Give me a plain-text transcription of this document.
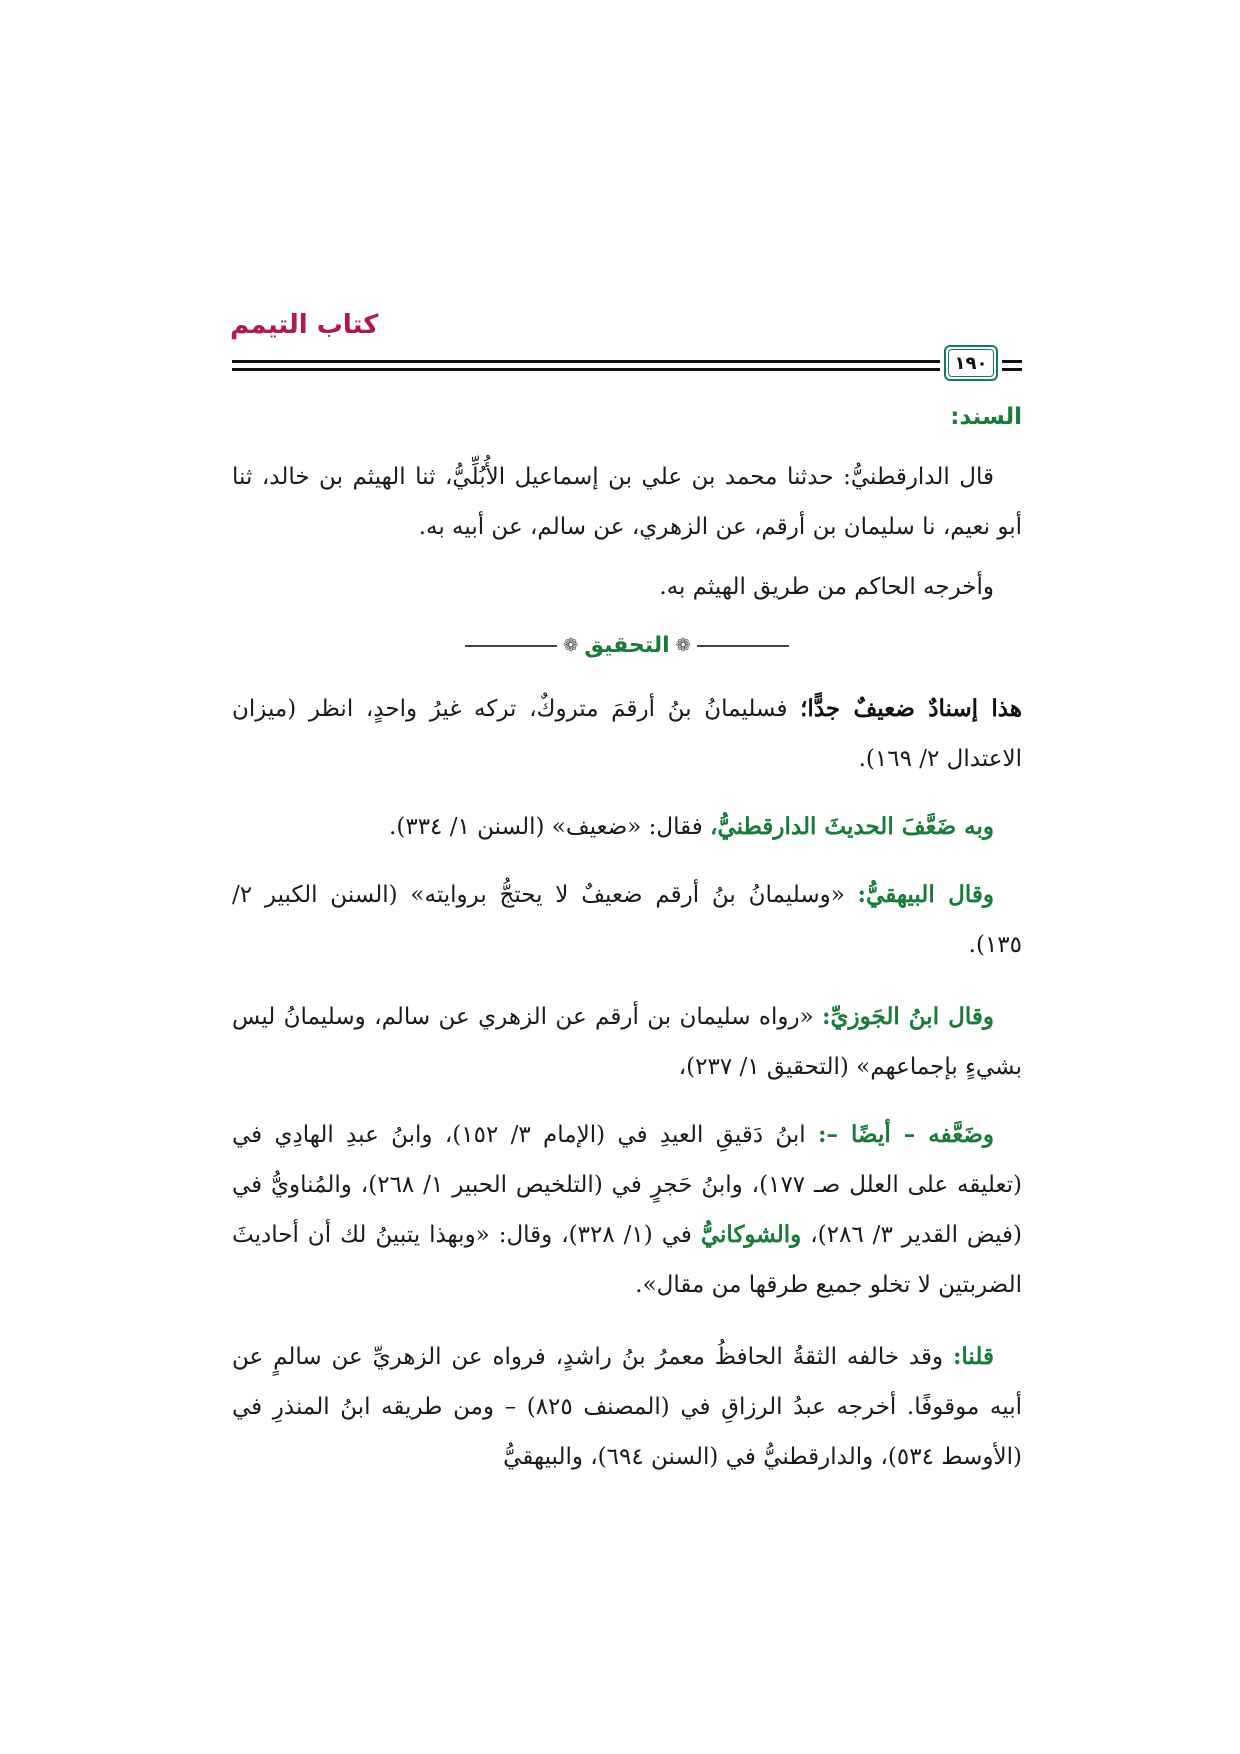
كتاب التيمم
١٩٠

السند:

قال الدارقطنيُّ: حدثنا محمد بن علي بن إسماعيل الأُبُلِّيُّ، ثنا الهيثم بن خالد، ثنا أبو نعيم، نا سليمان بن أرقم، عن الزهري، عن سالم، عن أبيه به.

وأخرجه الحاكم من طريق الهيثم به.

❁
التحقيق
❁

هذا إسنادٌ ضعيفٌ جدًّا؛ فسليمانُ بنُ أرقمَ متروكٌ، تركه غيرُ واحدٍ، انظر (ميزان الاعتدال ٢/ ١٦٩).

وبه ضَعَّفَ الحديثَ الدارقطنيُّ، فقال: «ضعيف» (السنن ١/ ٣٣٤).

وقال البيهقيُّ: «وسليمانُ بنُ أرقم ضعيفٌ لا يحتجُّ بروايته» (السنن الكبير ٢/ ١٣٥).

وقال ابنُ الجَوزيِّ: «رواه سليمان بن أرقم عن الزهري عن سالم، وسليمانُ ليس بشيءٍ بإجماعهم» (التحقيق ١/ ٢٣٧)،

وضَعَّفه – أيضًا –: ابنُ دَقيقِ العيدِ في (الإمام ٣/ ١٥٢)، وابنُ عبدِ الهادِي في (تعليقه على العلل صـ ١٧٧)، وابنُ حَجرٍ في (التلخيص الحبير ١/ ٢٦٨)، والمُناويُّ في (فيض القدير ٣/ ٢٨٦)، والشوكانيُّ في (١/ ٣٢٨)، وقال: «وبهذا يتبينُ لك أن أحاديثَ الضربتين لا تخلو جميع طرقها من مقال».

قلنا: وقد خالفه الثقةُ الحافظُ معمرُ بنُ راشدٍ، فرواه عن الزهريِّ عن سالمٍ عن أبيه موقوفًا. أخرجه عبدُ الرزاقِ في (المصنف ٨٢٥) – ومن طريقه ابنُ المنذرِ في (الأوسط ٥٣٤)، والدارقطنيُّ في (السنن ٦٩٤)، والبيهقيُّ
